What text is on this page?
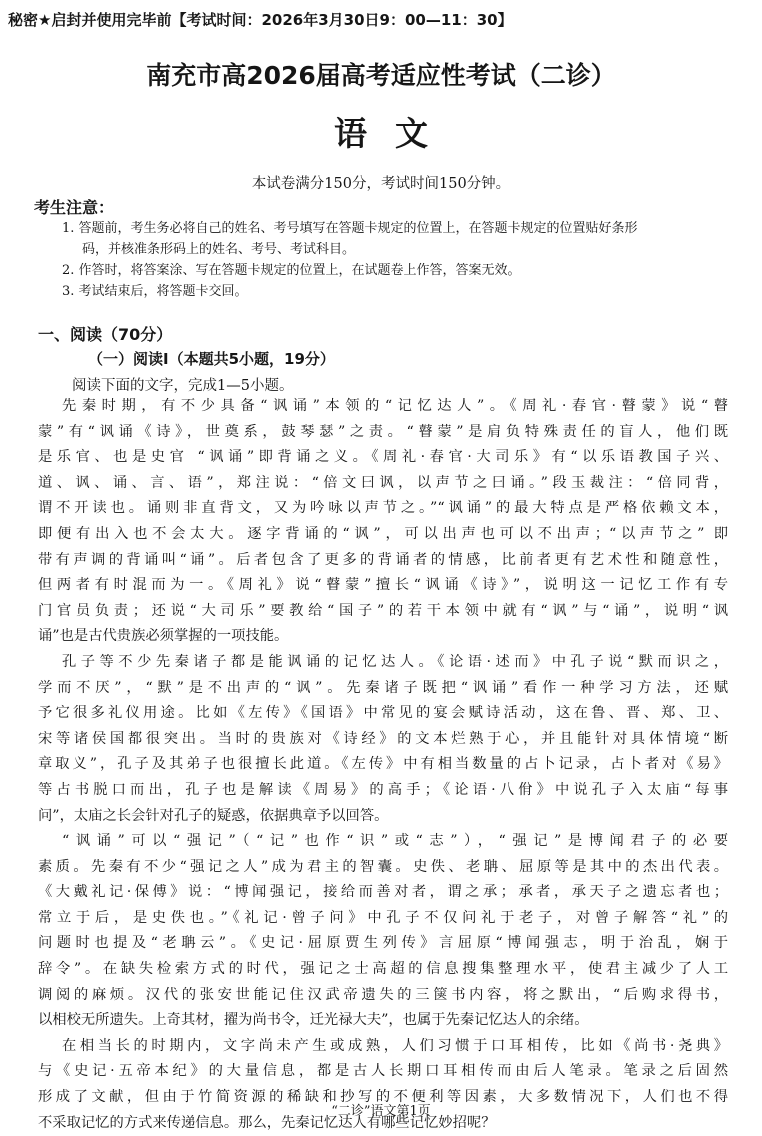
秘密★启封并使用完毕前【考试时间：2026年3月30日9：00—11：30】
南充市高2026届高考适应性考试（二诊）
语文
本试卷满分150分，考试时间150分钟。
考生注意：
1. 答题前，考生务必将自己的姓名、考号填写在答题卡规定的位置上，在答题卡规定的位置贴好条形
码，并核准条形码上的姓名、考号、考试科目。
2. 作答时，将答案涂、写在答题卡规定的位置上，在试题卷上作答，答案无效。
3. 考试结束后，将答题卡交回。
一、阅读（70分）
（一）阅读Ⅰ（本题共5小题，19分）
阅读下面的文字，完成1—5小题。
先秦时期，有不少具备“讽诵”本领的“记忆达人”。《周礼·春官·瞽蒙》说“瞽
蒙”有“讽诵《诗》，世奠系，鼓琴瑟”之责。“瞽蒙”是肩负特殊责任的盲人，他们既
是乐官、也是史官 “讽诵”即背诵之义。《周礼·春官·大司乐》有“以乐语教国子兴、
道、讽、诵、言、语”，郑注说：“倍文曰讽，以声节之曰诵。”段玉裁注：“倍同背，
谓不开读也。诵则非直背文，又为吟咏以声节之。”“讽诵”的最大特点是严格依赖文本，
即便有出入也不会太大。逐字背诵的“讽”，可以出声也可以不出声；“以声节之” 即
带有声调的背诵叫“诵”。后者包含了更多的背诵者的情感，比前者更有艺术性和随意性，
但两者有时混而为一。《周礼》说“瞽蒙”擅长“讽诵《诗》”，说明这一记忆工作有专
门官员负责；还说“大司乐”要教给“国子”的若干本领中就有“讽”与“诵”，说明“讽
诵”也是古代贵族必须掌握的一项技能。
孔子等不少先秦诸子都是能讽诵的记忆达人。《论语·述而》中孔子说“默而识之，
学而不厌”，“默”是不出声的“讽”。先秦诸子既把“讽诵”看作一种学习方法，还赋
予它很多礼仪用途。比如《左传》《国语》中常见的宴会赋诗活动，这在鲁、晋、郑、卫、
宋等诸侯国都很突出。当时的贵族对《诗经》的文本烂熟于心，并且能针对具体情境“断
章取义”，孔子及其弟子也很擅长此道。《左传》中有相当数量的占卜记录，占卜者对《易》
等占书脱口而出，孔子也是解读《周易》的高手；《论语·八佾》中说孔子入太庙“每事
问”，太庙之长会针对孔子的疑惑，依据典章予以回答。
“讽诵”可以“强记”（“记”也作“识”或“志”），“强记”是博闻君子的必要
素质。先秦有不少“强记之人”成为君主的智囊。史佚、老聃、屈原等是其中的杰出代表。
《大戴礼记·保傅》说：“博闻强记，接给而善对者，谓之承；承者，承天子之遗忘者也；
常立于后，是史佚也。”《礼记·曾子问》中孔子不仅问礼于老子，对曾子解答“礼”的
问题时也提及“老聃云”。《史记·屈原贾生列传》言屈原“博闻强志，明于治乱，娴于
辞令”。在缺失检索方式的时代，强记之士高超的信息搜集整理水平，使君主减少了人工
调阅的麻烦。汉代的张安世能记住汉武帝遗失的三箧书内容，将之默出，“后购求得书，
以相校无所遗失。上奇其材，擢为尚书令，迁光禄大夫”，也属于先秦记忆达人的余绪。
在相当长的时期内，文字尚未产生或成熟，人们习惯于口耳相传，比如《尚书·尧典》
与《史记·五帝本纪》的大量信息，都是古人长期口耳相传而由后人笔录。笔录之后固然
形成了文献，但由于竹简资源的稀缺和抄写的不便利等因素，大多数情况下，人们也不得
不采取记忆的方式来传递信息。那么，先秦记忆达人有哪些记忆妙招呢？
“二诊”语文第1页
